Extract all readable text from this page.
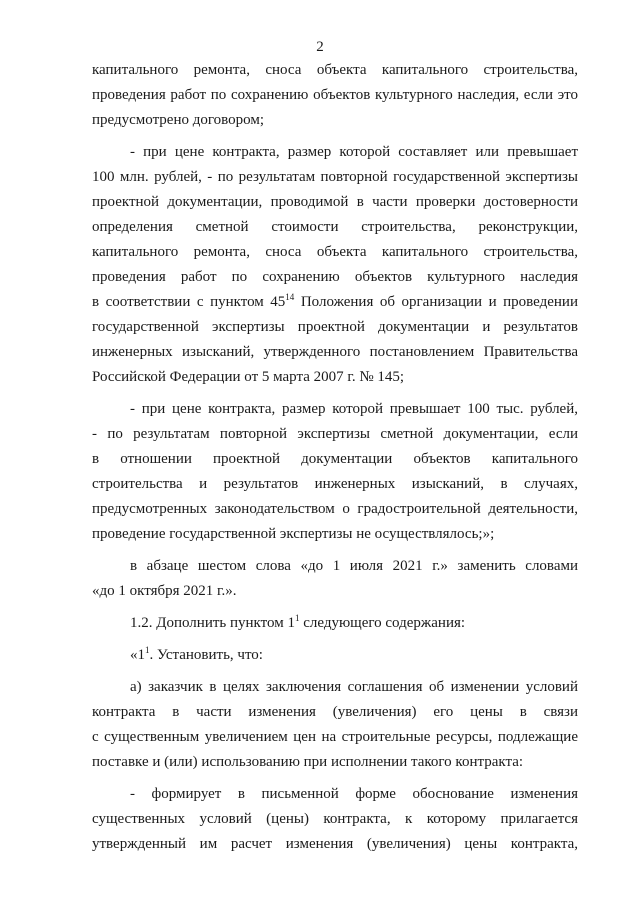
2
капитального ремонта, сноса объекта капитального строительства,
проведения работ по сохранению объектов культурного наследия, если это
предусмотрено договором;
- при цене контракта, размер которой составляет или превышает
100 млн. рублей, - по результатам повторной государственной экспертизы
проектной документации, проводимой в части проверки достоверности
определения сметной стоимости строительства, реконструкции,
капитального ремонта, сноса объекта капитального строительства,
проведения работ по сохранению объектов культурного наследия
в соответствии с пунктом $45^{14}$ Положения об организации и проведении
государственной экспертизы проектной документации и результатов
инженерных изысканий, утвержденного постановлением Правительства
Российской Федерации от 5 марта 2007 г. № 145;
- при цене контракта, размер которой превышает 100 тыс. рублей,
- по результатам повторной экспертизы сметной документации, если
в отношении проектной документации объектов капитального
строительства и результатов инженерных изысканий, в случаях,
предусмотренных законодательством о градостроительной деятельности,
проведение государственной экспертизы не осуществлялось;»;
в абзаце шестом слова «до 1 июля 2021 г.» заменить словами
«до 1 октября 2021 г.».
1.2. Дополнить пунктом $1^1$ следующего содержания:
«$1^1$. Установить, что:
а) заказчик в целях заключения соглашения об изменении условий
контракта в части изменения (увеличения) его цены в связи
с существенным увеличением цен на строительные ресурсы, подлежащие
поставке и (или) использованию при исполнении такого контракта:
- формирует в письменной форме обоснование изменения
существенных условий (цены) контракта, к которому прилагается
утвержденный им расчет изменения (увеличения) цены контракта,
